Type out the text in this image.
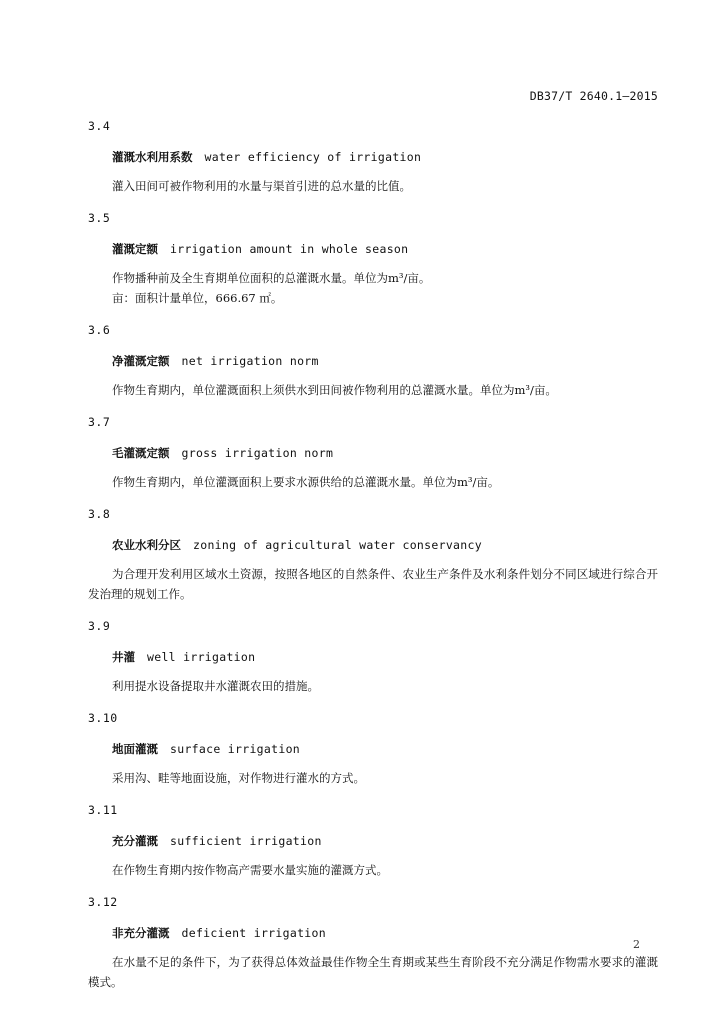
DB37/T 2640.1—2015
3.4
灌溉水利用系数 water efficiency of irrigation

灌入田间可被作物利用的水量与渠首引进的总水量的比值。

3.5
灌溉定额 irrigation amount in whole season

作物播种前及全生育期单位面积的总灌溉水量。单位为m³/亩。

亩：面积计量单位，666.67 ㎡。

3.6
净灌溉定额 net irrigation norm

作物生育期内，单位灌溉面积上须供水到田间被作物利用的总灌溉水量。单位为m³/亩。

3.7
毛灌溉定额 gross irrigation norm

作物生育期内，单位灌溉面积上要求水源供给的总灌溉水量。单位为m³/亩。

3.8
农业水利分区 zoning of agricultural water conservancy

为合理开发利用区域水土资源，按照各地区的自然条件、农业生产条件及水利条件划分不同区域进行综合开发治理的规划工作。

3.9
井灌 well irrigation

利用提水设备提取井水灌溉农田的措施。

3.10
地面灌溉 surface irrigation

采用沟、畦等地面设施，对作物进行灌水的方式。

3.11
充分灌溉 sufficient irrigation

在作物生育期内按作物高产需要水量实施的灌溉方式。

3.12
非充分灌溉 deficient irrigation

在水量不足的条件下，为了获得总体效益最佳作物全生育期或某些生育阶段不充分满足作物需水要求的灌溉模式。

2
